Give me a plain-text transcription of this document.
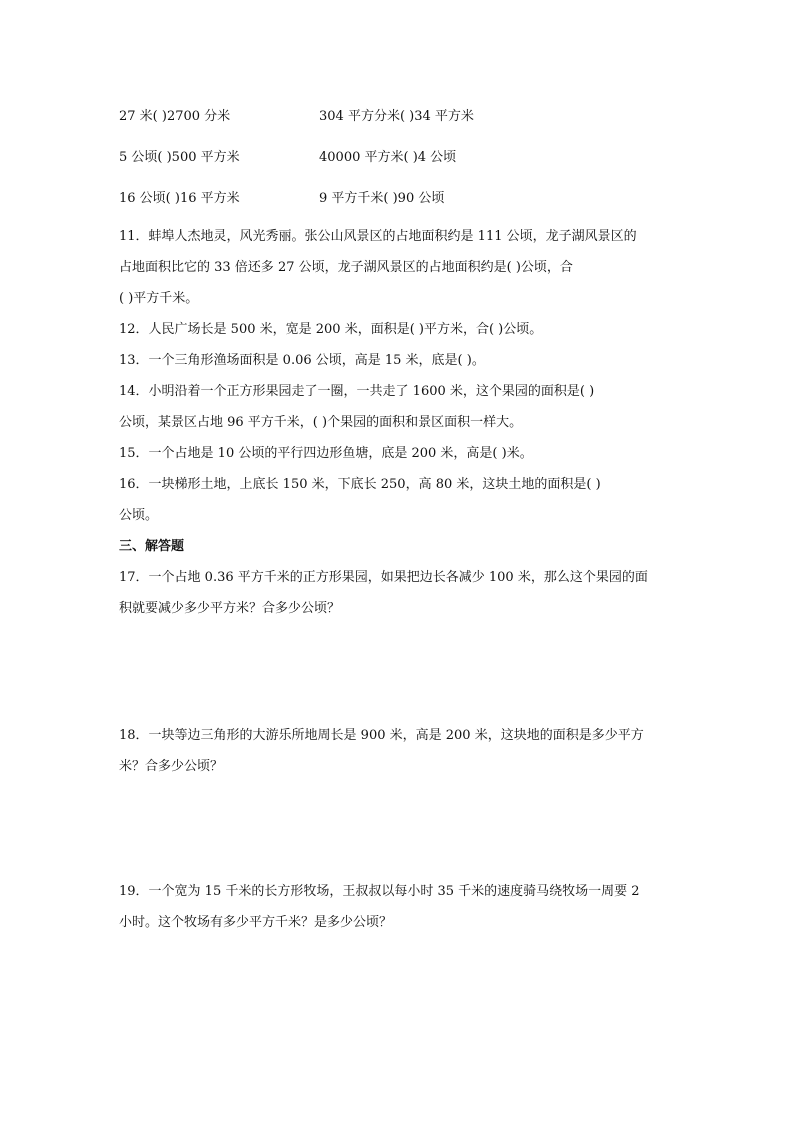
27 米( )2700 分米	304 平方分米( )34 平方米
5 公顷( )500 平方米	40000 平方米( )4 公顷
16 公顷( )16 平方米	9 平方千米( )90 公顷
11．蚌埠人杰地灵，风光秀丽。张公山风景区的占地面积约是 111 公顷，龙子湖风景区的
占地面积比它的 33 倍还多 27 公顷，龙子湖风景区的占地面积约是( )公顷，合
( )平方千米。
12．人民广场长是 500 米，宽是 200 米，面积是( )平方米，合( )公顷。
13．一个三角形渔场面积是 0.06 公顷，高是 15 米，底是( )。
14．小明沿着一个正方形果园走了一圈，一共走了 1600 米，这个果园的面积是( )
公顷，某景区占地 96 平方千米，( )个果园的面积和景区面积一样大。
15．一个占地是 10 公顷的平行四边形鱼塘，底是 200 米，高是( )米。
16．一块梯形土地，上底长 150 米，下底长 250，高 80 米，这块土地的面积是( )
公顷。
三、解答题
17．一个占地 0.36 平方千米的正方形果园，如果把边长各减少 100 米，那么这个果园的面
积就要减少多少平方米？合多少公顷？
18．一块等边三角形的大游乐所地周长是 900 米，高是 200 米，这块地的面积是多少平方
米？合多少公顷？
19．一个宽为 15 千米的长方形牧场，王叔叔以每小时 35 千米的速度骑马绕牧场一周要 2
小时。这个牧场有多少平方千米？是多少公顷？
